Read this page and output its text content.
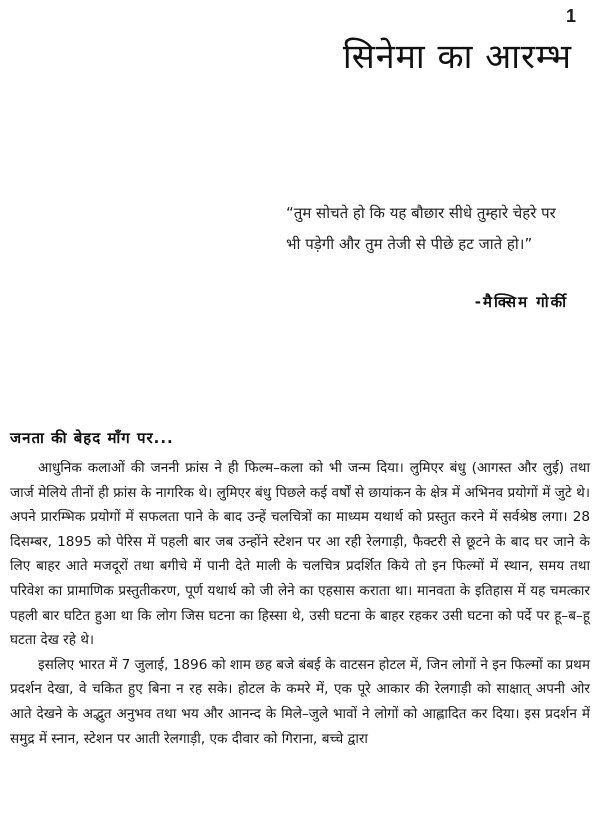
1
सिनेमा का आरम्भ
“तुम सोचते हो कि यह बौछार सीधे तुम्हारे चेहरे पर भी पड़ेगी और तुम तेजी से पीछे हट जाते हो।”
-मैक्सिम गोर्की
जनता की बेहद माँग पर...

आधुनिक कलाओं की जननी फ्रांस ने ही फिल्म–कला को भी जन्म दिया। लुमिएर बंधु (आगस्त और लुई) तथा जार्ज मेलिये तीनों ही फ्रांस के नागरिक थे। लुमिएर बंधु पिछले कई वर्षों से छायांकन के क्षेत्र में अभिनव प्रयोगों में जुटे थे। अपने प्रारम्भिक प्रयोगों में सफलता पाने के बाद उन्हें चलचित्रों का माध्यम यथार्थ को प्रस्तुत करने में सर्वश्रेष्ठ लगा। 28 दिसम्बर, 1895 को पेरिस में पहली बार जब उन्होंने स्टेशन पर आ रही रेलगाड़ी, फैक्टरी से छूटने के बाद घर जाने के लिए बाहर आते मजदूरों तथा बगीचे में पानी देते माली के चलचित्र प्रदर्शित किये तो इन फिल्मों में स्थान, समय तथा परिवेश का प्रामाणिक प्रस्तुतीकरण, पूर्ण यथार्थ को जी लेने का एहसास कराता था। मानवता के इतिहास में यह चमत्कार पहली बार घटित हुआ था कि लोग जिस घटना का हिस्सा थे, उसी घटना के बाहर रहकर उसी घटना को पर्दे पर हू–ब–हू घटता देख रहे थे।

इसलिए भारत में 7 जुलाई, 1896 को शाम छह बजे बंबई के वाटसन होटल में, जिन लोगों ने इन फिल्मों का प्रथम प्रदर्शन देखा, वे चकित हुए बिना न रह सके। होटल के कमरे में, एक पूरे आकार की रेलगाड़ी को साक्षात् अपनी ओर आते देखने के अद्भुत अनुभव तथा भय और आनन्द के मिले–जुले भावों ने लोगों को आह्लादित कर दिया। इस प्रदर्शन में समुद्र में स्नान, स्टेशन पर आती रेलगाड़ी, एक दीवार को गिराना, बच्चे द्वारा
